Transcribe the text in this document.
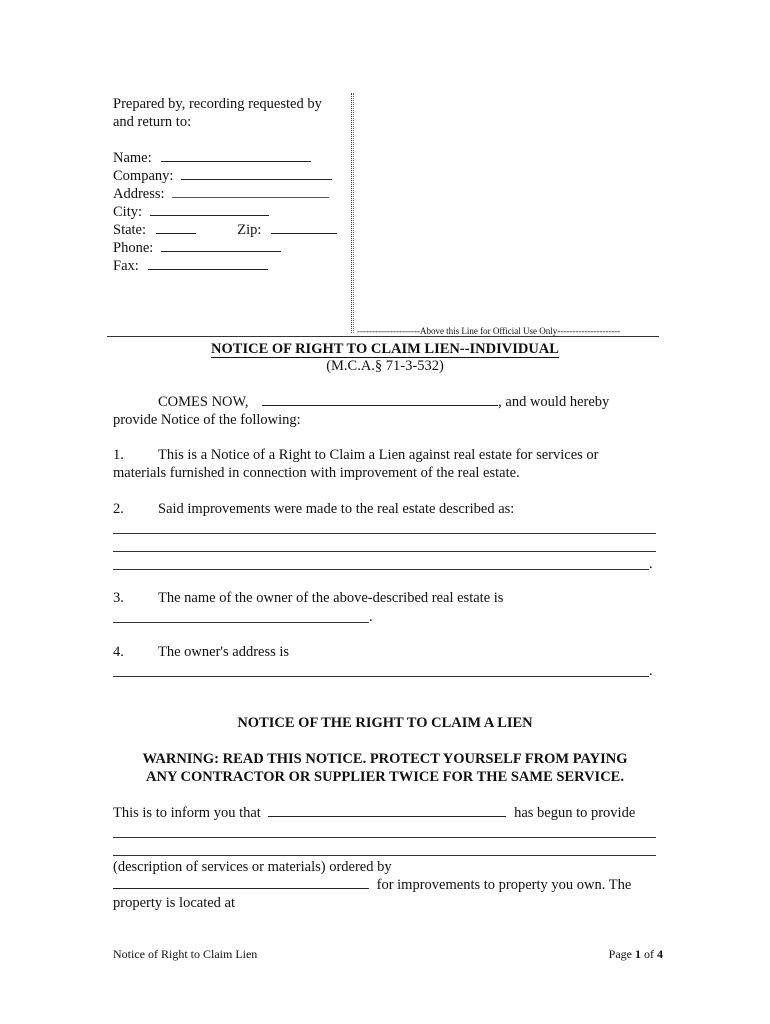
Prepared by, recording requested by
and return to:
Name:
Company:
Address:
City:
State:	Zip:
Phone:
Fax:
---------------------Above this Line for Official Use Only---------------------
NOTICE OF RIGHT TO CLAIM LIEN--INDIVIDUAL
(M.C.A.§ 71-3-532)
COMES NOW,	, and would hereby
provide Notice of the following:
1. This is a Notice of a Right to Claim a Lien against real estate for services or
materials furnished in connection with improvement of the real estate.
2. Said improvements were made to the real estate described as:
.
3. The name of the owner of the above-described real estate is
.
4. The owner's address is
.
NOTICE OF THE RIGHT TO CLAIM A LIEN
WARNING: READ THIS NOTICE. PROTECT YOURSELF FROM PAYING
ANY CONTRACTOR OR SUPPLIER TWICE FOR THE SAME SERVICE.
This is to inform you that	has begun to provide
(description of services or materials) ordered by
for improvements to property you own. The
property is located at
Notice of Right to Claim Lien	Page 1 of 4
